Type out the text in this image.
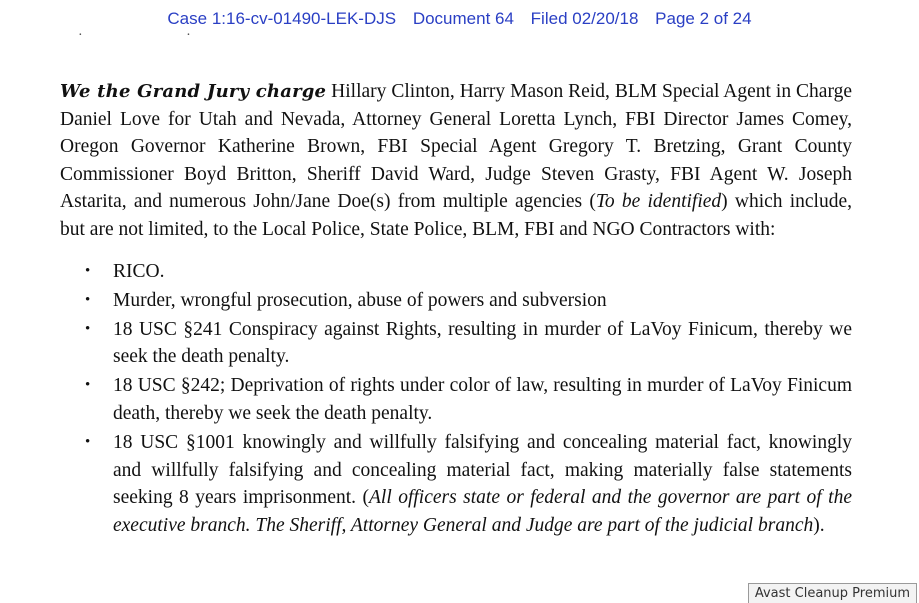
Case 1:16-cv-01490-LEK-DJS Document 64 Filed 02/20/18 Page 2 of 24
· ·

We the Grand Jury charge Hillary Clinton, Harry Mason Reid, BLM Special Agent in Charge Daniel Love for Utah and Nevada, Attorney General Loretta Lynch, FBI Director James Comey, Oregon Governor Katherine Brown, FBI Special Agent Gregory T. Bretzing, Grant County Commissioner Boyd Britton, Sheriff David Ward, Judge Steven Grasty, FBI Agent W. Joseph Astarita, and numerous John/Jane Doe(s) from multiple agencies (To be identified) which include, but are not limited, to the Local Police, State Police, BLM, FBI and NGO Contractors with:

• RICO.
• Murder, wrongful prosecution, abuse of powers and subversion
• 18 USC §241 Conspiracy against Rights, resulting in murder of LaVoy Finicum, thereby we seek the death penalty.
• 18 USC §242; Deprivation of rights under color of law, resulting in murder of LaVoy Finicum death, thereby we seek the death penalty.
• 18 USC §1001 knowingly and willfully falsifying and concealing material fact, knowingly and willfully falsifying and concealing material fact, making materially false statements seeking 8 years imprisonment. (All officers state or federal and the governor are part of the executive branch. The Sheriff, Attorney General and Judge are part of the judicial branch).
Avast Cleanup Premium
